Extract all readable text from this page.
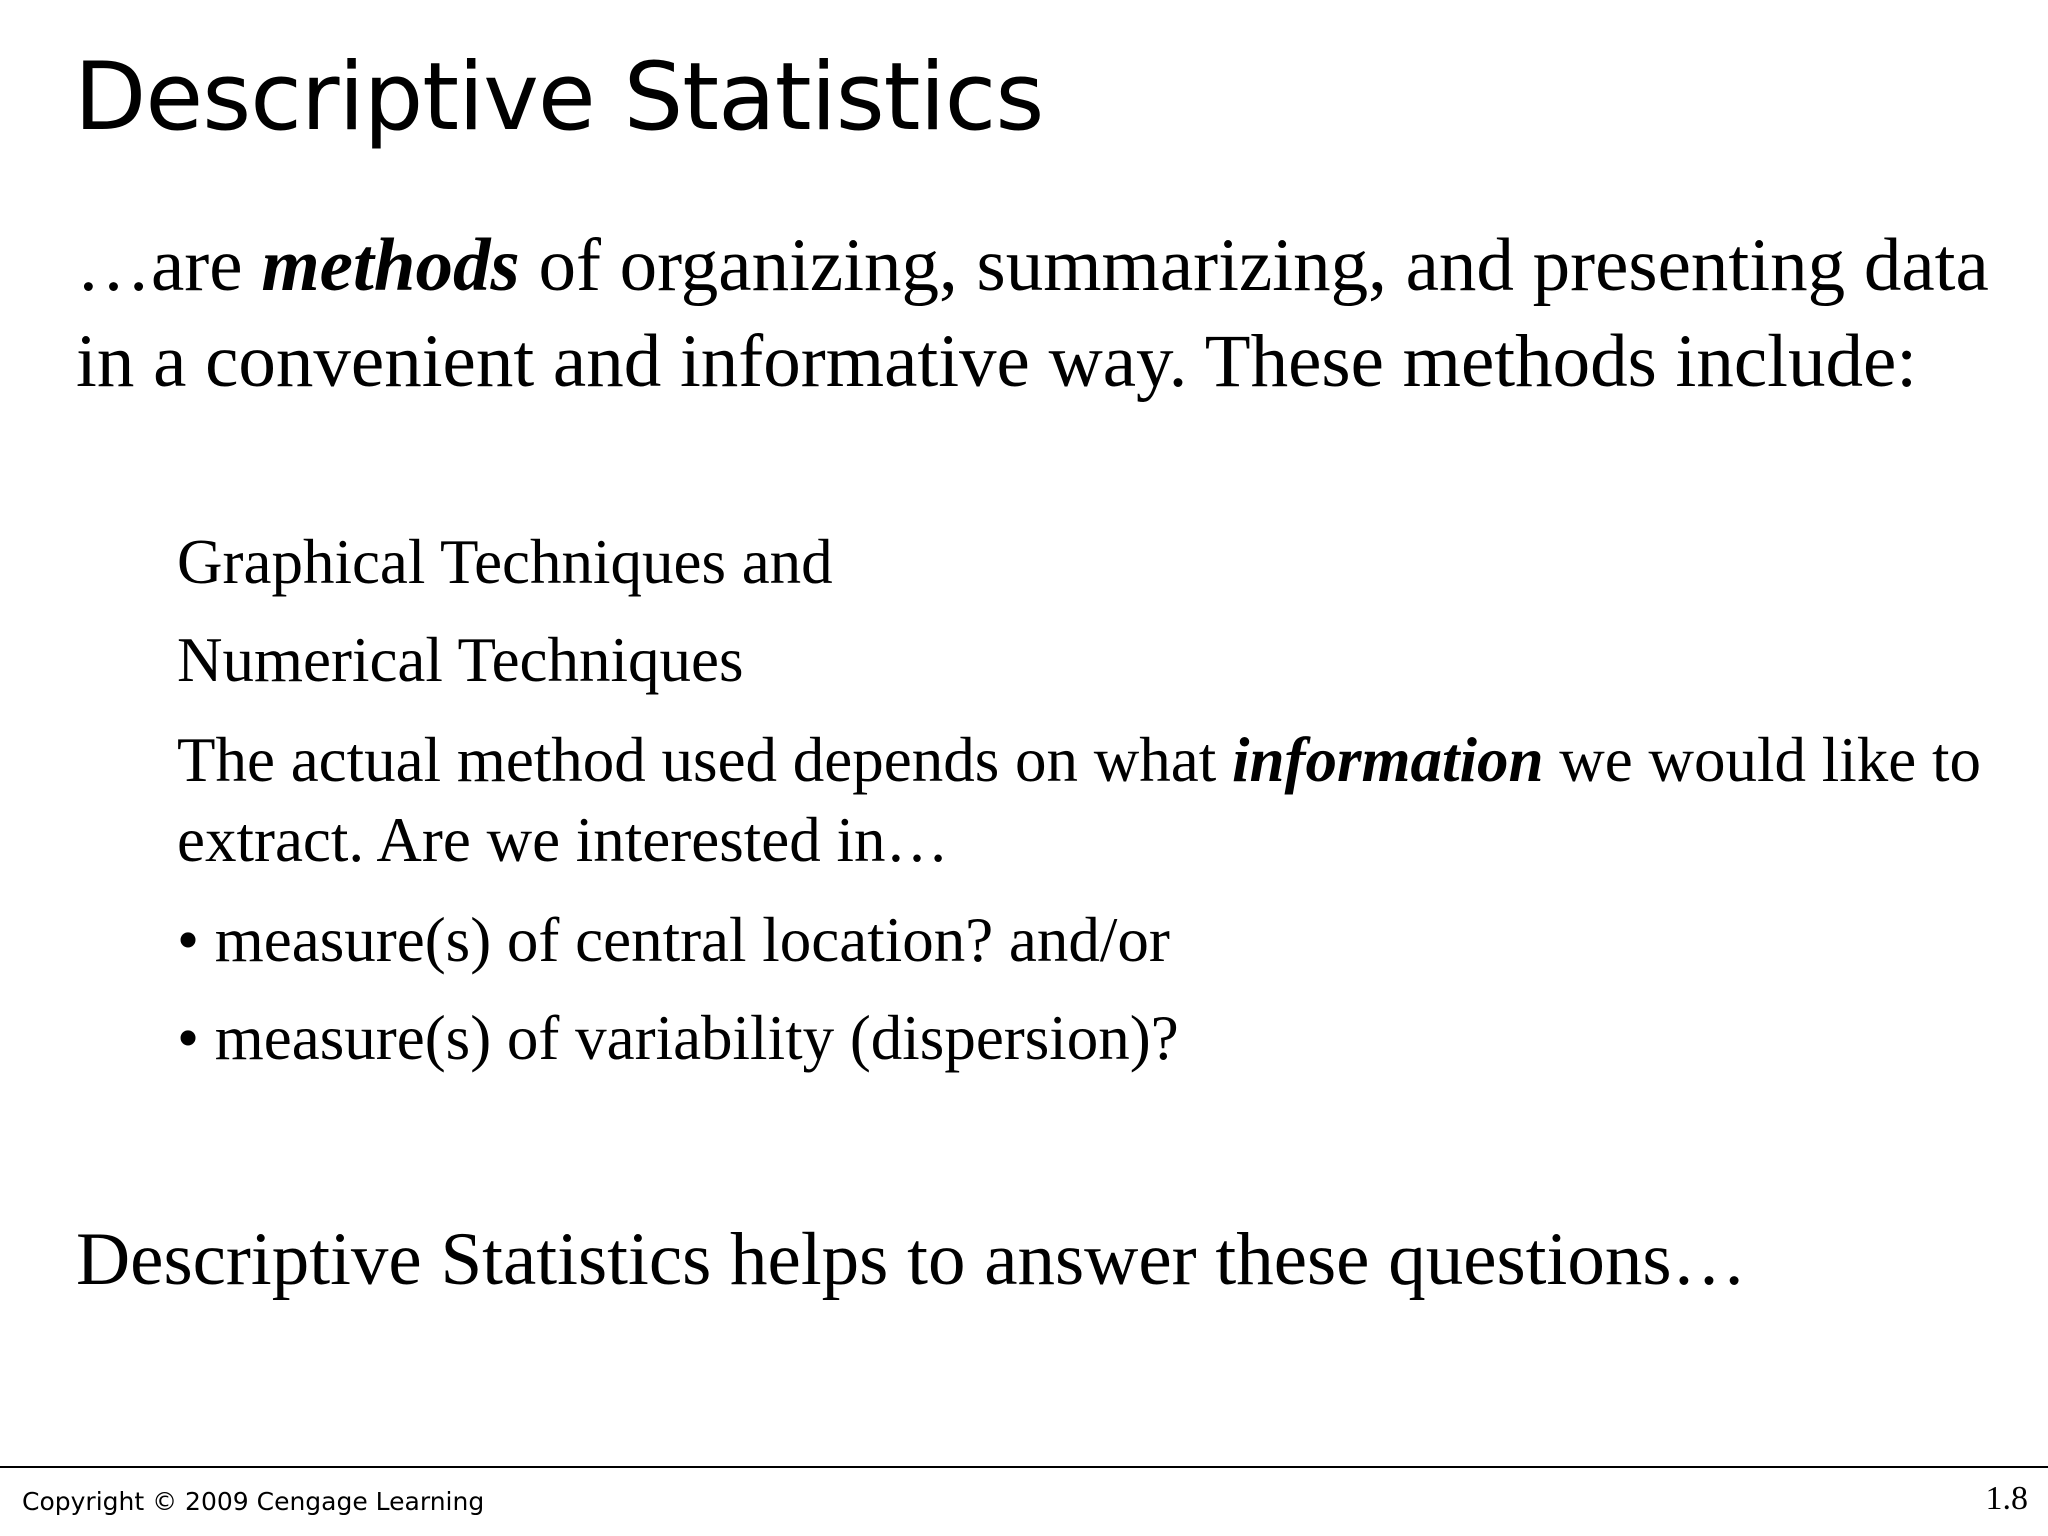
Descriptive Statistics

…are methods of organizing, summarizing, and presenting data in a convenient and informative way. These methods include:

Graphical Techniques and

Numerical Techniques

The actual method used depends on what information we would like to extract. Are we interested in…

• measure(s) of central location? and/or

• measure(s) of variability (dispersion)?

Descriptive Statistics helps to answer these questions…

Copyright © 2009 Cengage Learning	1.8
